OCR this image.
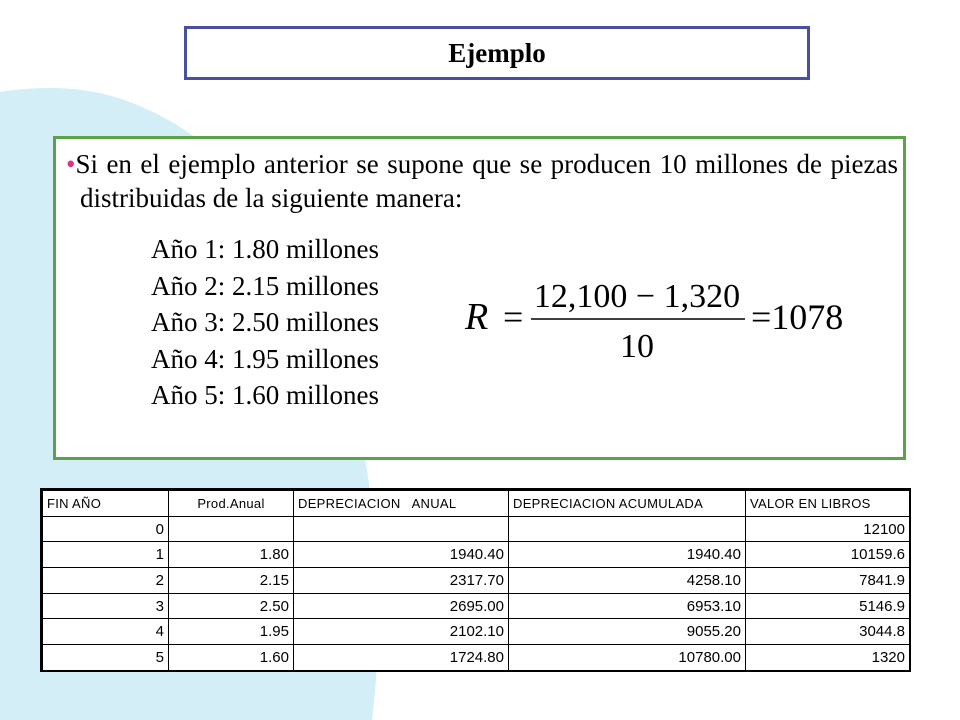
Ejemplo
•Si en el ejemplo anterior se supone que se producen 10 millones de piezas distribuidas de la siguiente manera:
Año 1: 1.80 millones
Año 2: 2.15 millones
Año 3: 2.50 millones
Año 4: 1.95 millones
Año 5: 1.60 millones
R =
12,100 − 1,320
10
=1078
FIN AÑO	Prod.Anual	DEPRECIACION   ANUAL	DEPRECIACION ACUMULADA	VALOR EN LIBROS
0				12100
1	1.80	1940.40	1940.40	10159.6
2	2.15	2317.70	4258.10	7841.9
3	2.50	2695.00	6953.10	5146.9
4	1.95	2102.10	9055.20	3044.8
5	1.60	1724.80	10780.00	1320
